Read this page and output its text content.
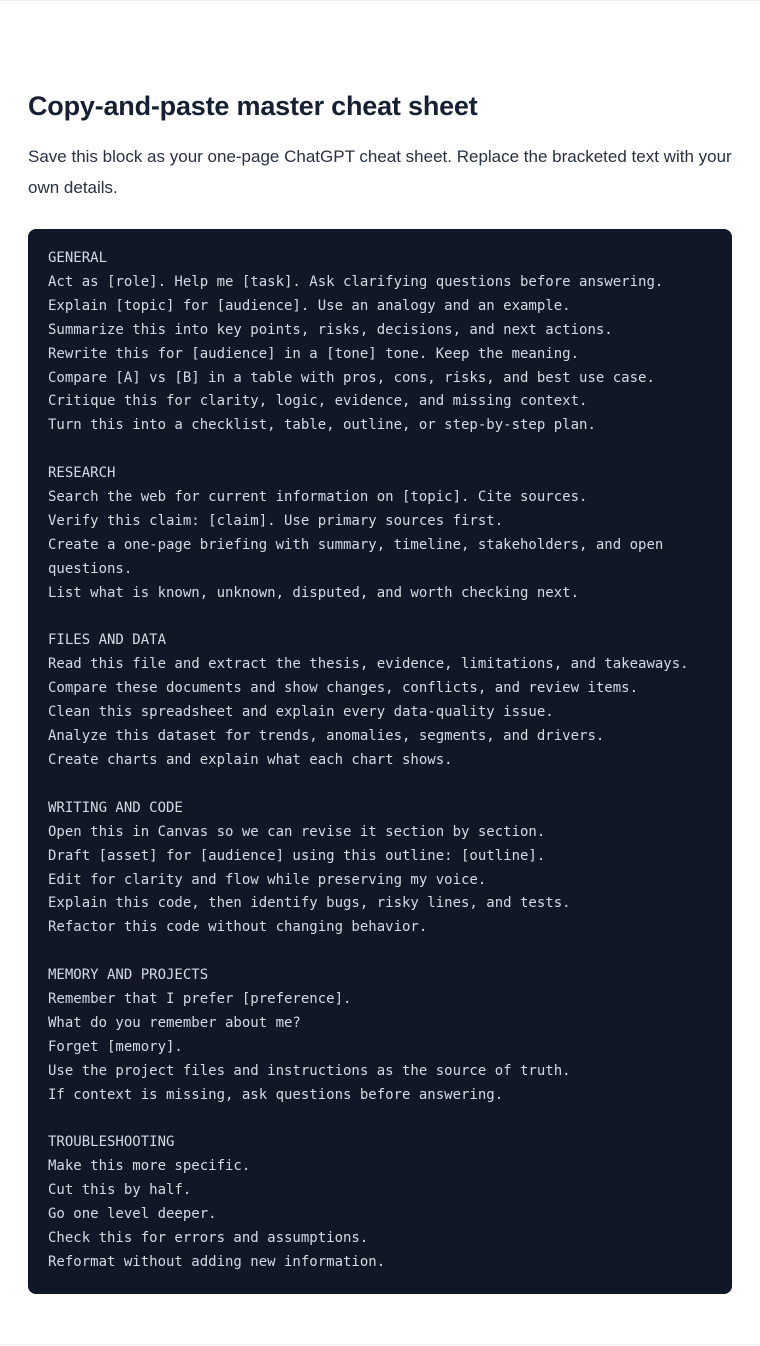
Copy-and-paste master cheat sheet

Save this block as your one-page ChatGPT cheat sheet. Replace the bracketed text with your own details.

GENERAL
Act as [role]. Help me [task]. Ask clarifying questions before answering.
Explain [topic] for [audience]. Use an analogy and an example.
Summarize this into key points, risks, decisions, and next actions.
Rewrite this for [audience] in a [tone] tone. Keep the meaning.
Compare [A] vs [B] in a table with pros, cons, risks, and best use case.
Critique this for clarity, logic, evidence, and missing context.
Turn this into a checklist, table, outline, or step-by-step plan.
RESEARCH
Search the web for current information on [topic]. Cite sources.
Verify this claim: [claim]. Use primary sources first.
Create a one-page briefing with summary, timeline, stakeholders, and open questions.
List what is known, unknown, disputed, and worth checking next.
FILES AND DATA
Read this file and extract the thesis, evidence, limitations, and takeaways.
Compare these documents and show changes, conflicts, and review items.
Clean this spreadsheet and explain every data-quality issue.
Analyze this dataset for trends, anomalies, segments, and drivers.
Create charts and explain what each chart shows.
WRITING AND CODE
Open this in Canvas so we can revise it section by section.
Draft [asset] for [audience] using this outline: [outline].
Edit for clarity and flow while preserving my voice.
Explain this code, then identify bugs, risky lines, and tests.
Refactor this code without changing behavior.
MEMORY AND PROJECTS
Remember that I prefer [preference].
What do you remember about me?
Forget [memory].
Use the project files and instructions as the source of truth.
If context is missing, ask questions before answering.
TROUBLESHOOTING
Make this more specific.
Cut this by half.
Go one level deeper.
Check this for errors and assumptions.
Reformat without adding new information.
